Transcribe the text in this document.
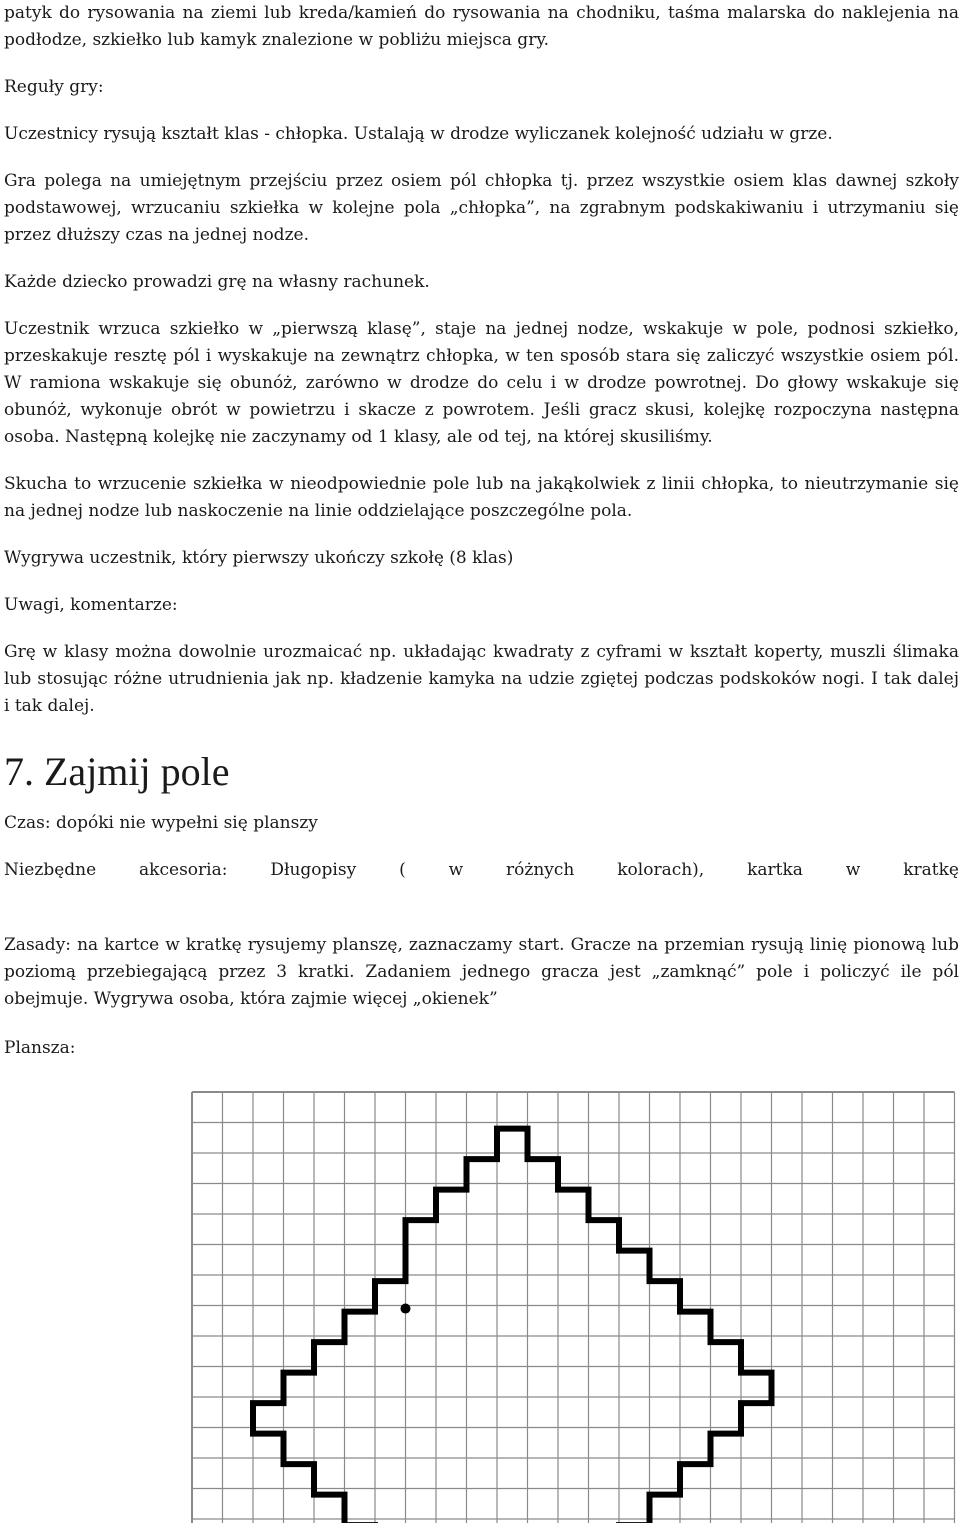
patyk do rysowania na ziemi lub kreda/kamień do rysowania na chodniku, taśma malarska do naklejenia na podłodze, szkiełko lub kamyk znalezione w pobliżu miejsca gry.

Reguły gry:

Uczestnicy rysują kształt klas - chłopka. Ustalają w drodze wyliczanek kolejność udziału w grze.

Gra polega na umiejętnym przejściu przez osiem pól chłopka tj. przez wszystkie osiem klas dawnej szkoły podstawowej, wrzucaniu szkiełka w kolejne pola „chłopka”, na zgrabnym podskakiwaniu i utrzymaniu się przez dłuższy czas na jednej nodze.

Każde dziecko prowadzi grę na własny rachunek.

Uczestnik wrzuca szkiełko w „pierwszą klasę”, staje na jednej nodze, wskakuje w pole, podnosi szkiełko, przeskakuje resztę pól i wyskakuje na zewnątrz chłopka, w ten sposób stara się zaliczyć wszystkie osiem pól. W ramiona wskakuje się obunóż, zarówno w drodze do celu i w drodze powrotnej. Do głowy wskakuje się obunóż, wykonuje obrót w powietrzu i skacze z powrotem. Jeśli gracz skusi, kolejkę rozpoczyna następna osoba. Następną kolejkę nie zaczynamy od 1 klasy, ale od tej, na której skusiliśmy.

Skucha to wrzucenie szkiełka w nieodpowiednie pole lub na jakąkolwiek z linii chłopka, to nieutrzymanie się na jednej nodze lub naskoczenie na linie oddzielające poszczególne pola.

Wygrywa uczestnik, który pierwszy ukończy szkołę (8 klas)

Uwagi, komentarze:

Grę w klasy można dowolnie urozmaicać np. układając kwadraty z cyframi w kształt koperty, muszli ślimaka lub stosując różne utrudnienia jak np. kładzenie kamyka na udzie zgiętej podczas podskoków nogi. I tak dalej i tak dalej.

7. Zajmij pole

Czas: dopóki nie wypełni się planszy

Niezbędne akcesoria: Długopisy ( w różnych kolorach), kartka w kratkę

Zasady: na kartce w kratkę rysujemy planszę, zaznaczamy start. Gracze na przemian rysują linię pionową lub poziomą przebiegającą przez 3 kratki. Zadaniem jednego gracza jest „zamknąć” pole i policzyć ile pól obejmuje. Wygrywa osoba, która zajmie więcej „okienek”

Plansza:
